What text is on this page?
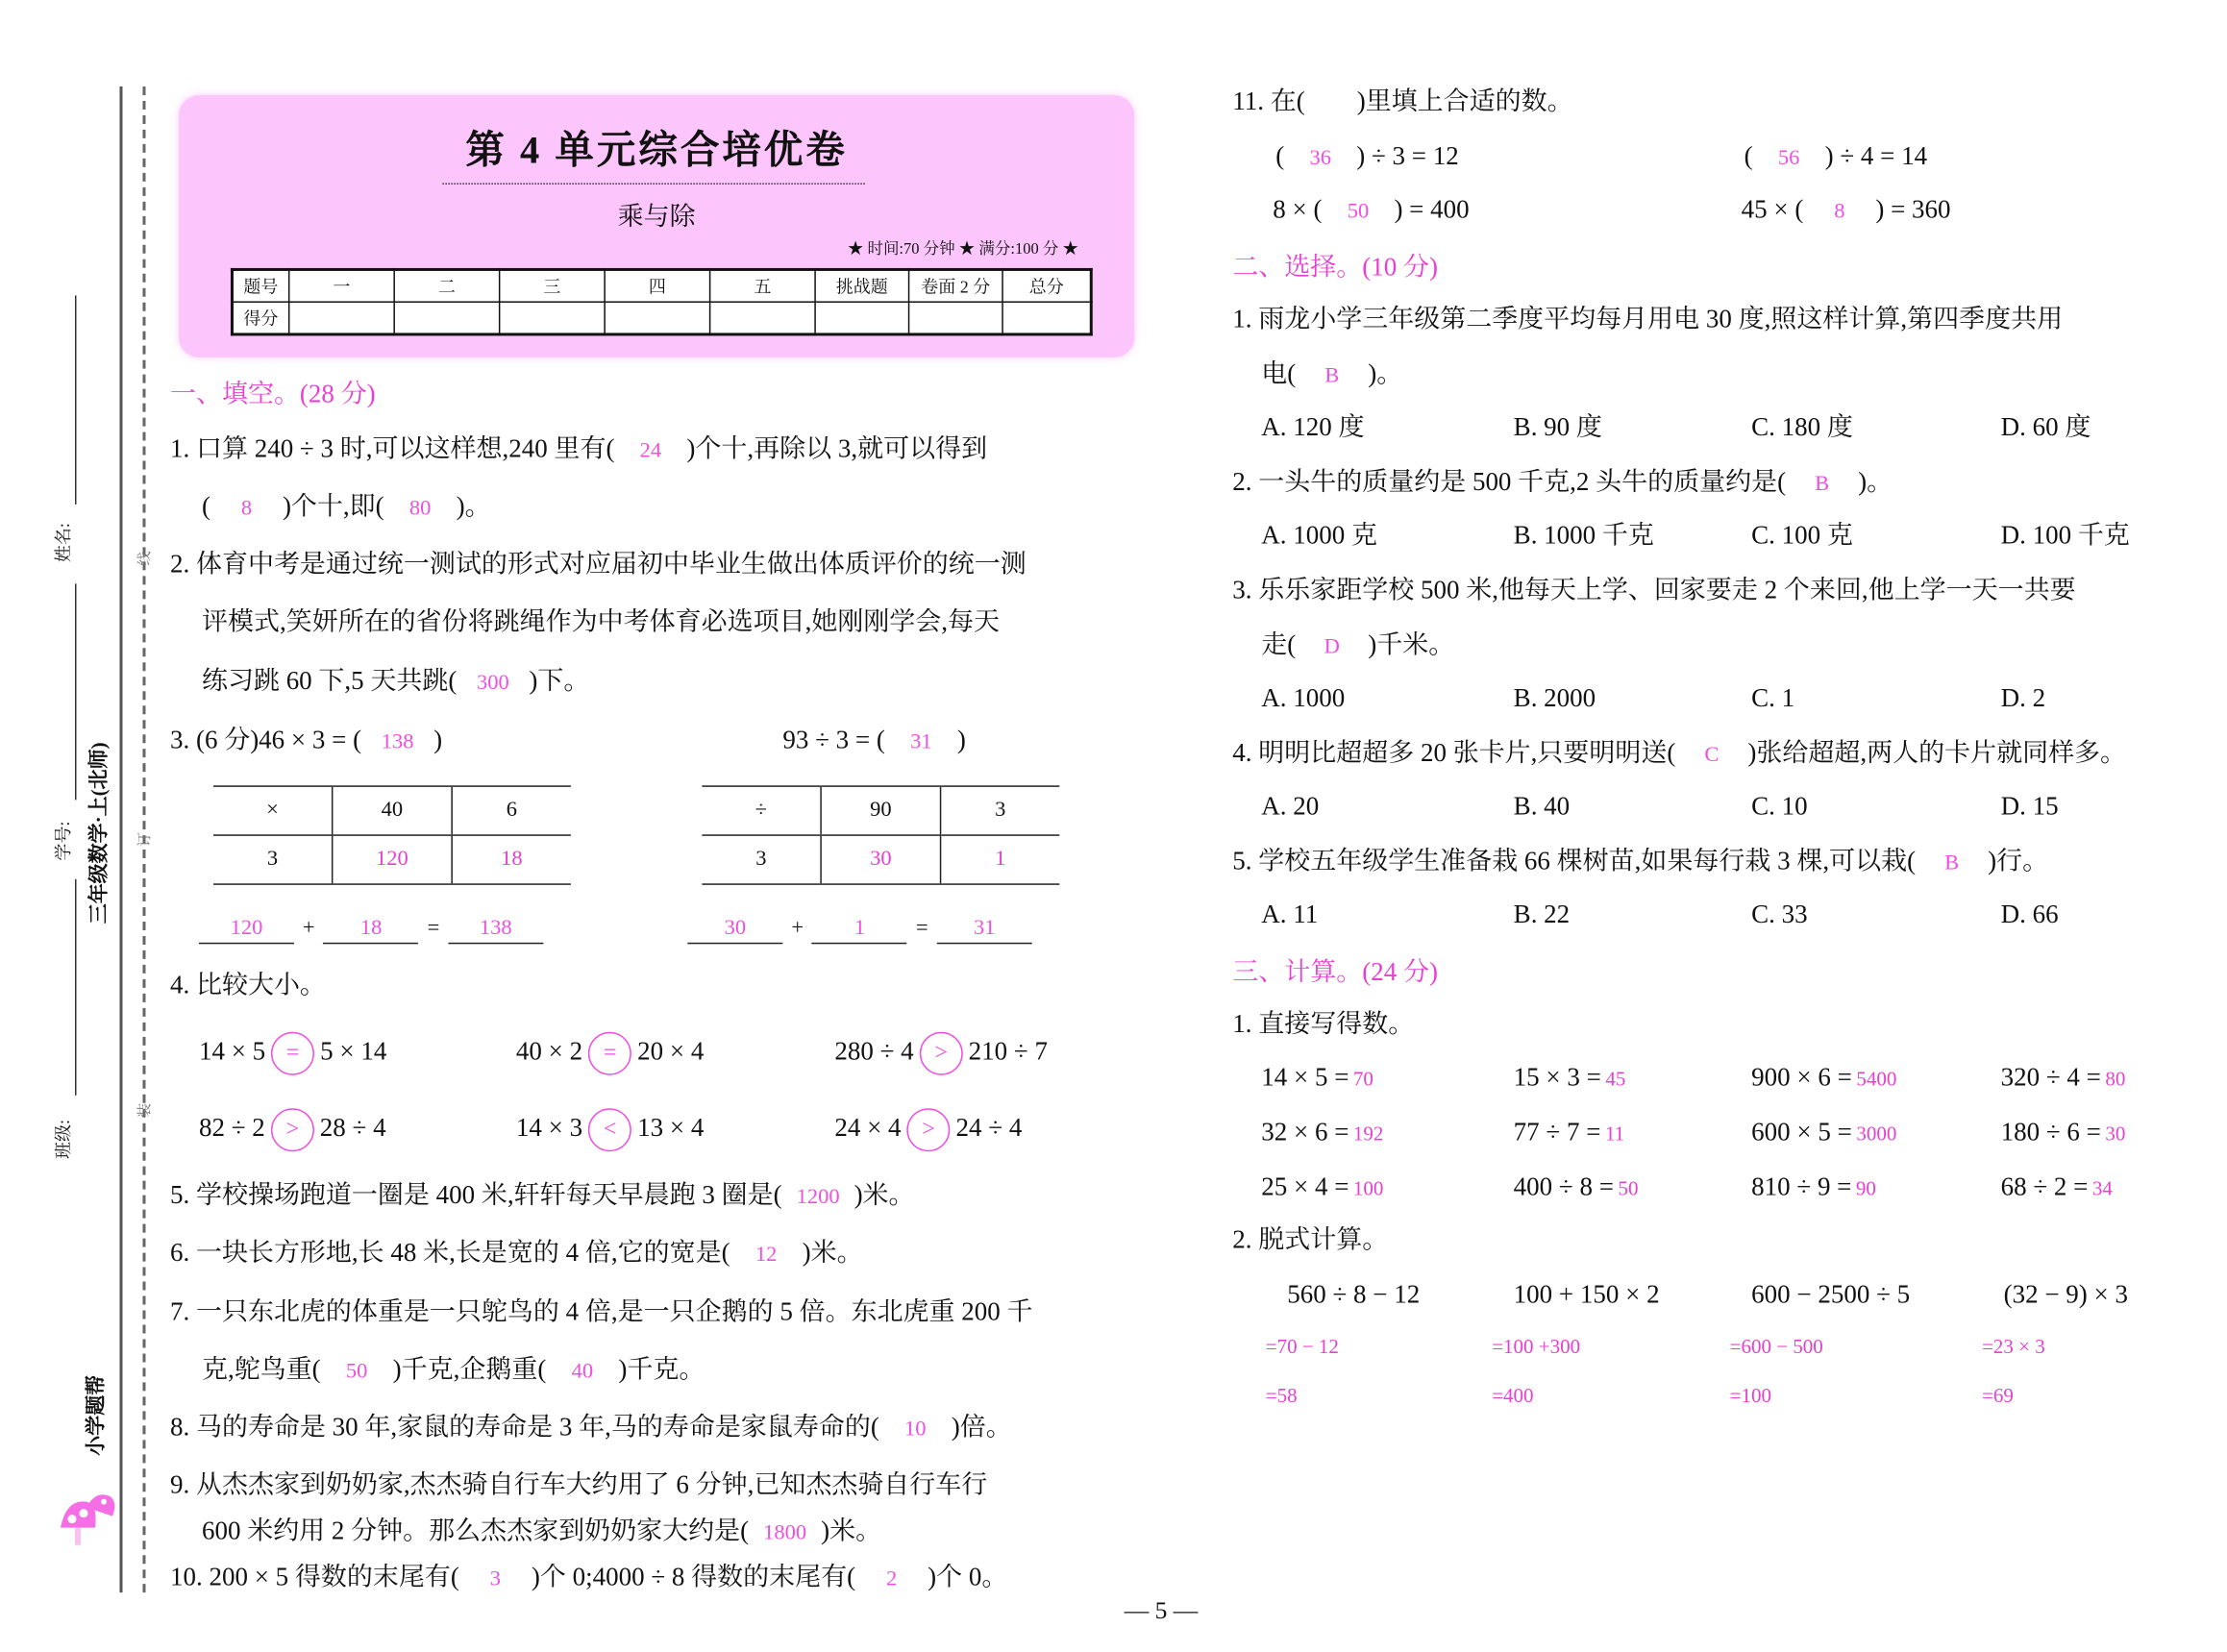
姓名:
学号:
班级:
三年级数学·上(北师)
线
订
装
小学题帮
第 4 单元综合培优卷
乘与除
★ 时间:70 分钟 ★ 满分:100 分 ★
题号	一	二	三	四	五	挑战题	卷面 2 分	总分
得分								
一、填空。(28 分)
1. 口算 240 ÷ 3 时,可以这样想,240 里有( 24 )个十,再除以 3,就可以得到
( 8 )个十,即( 80 )。
2. 体育中考是通过统一测试的形式对应届初中毕业生做出体质评价的统一测
评模式,笑妍所在的省份将跳绳作为中考体育必选项目,她刚刚学会,每天
练习跳 60 下,5 天共跳( 300 )下。
3. (6 分)46 × 3 = ( 138 )	93 ÷ 3 = ( 31 )
4. 比较大小。
5. 学校操场跑道一圈是 400 米,轩轩每天早晨跑 3 圈是( 1200 )米。
6. 一块长方形地,长 48 米,长是宽的 4 倍,它的宽是( 12 )米。
7. 一只东北虎的体重是一只鸵鸟的 4 倍,是一只企鹅的 5 倍。东北虎重 200 千
克,鸵鸟重( 50 )千克,企鹅重( 40 )千克。
8. 马的寿命是 30 年,家鼠的寿命是 3 年,马的寿命是家鼠寿命的( 10 )倍。
9. 从杰杰家到奶奶家,杰杰骑自行车大约用了 6 分钟,已知杰杰骑自行车行
600 米约用 2 分钟。那么杰杰家到奶奶家大约是( 1800 )米。
10. 200 × 5 得数的末尾有( 3 )个 0;4000 ÷ 8 得数的末尾有( 2 )个 0。
×	40	6
3	120	18
120	+	18	=	138
÷	90	3
3	30	1
30	+	1	=	31
14 × 5 = 5 × 14	40 × 2 = 20 × 4	280 ÷ 4 > 210 ÷ 7
82 ÷ 2 > 28 ÷ 4	14 × 3 < 13 × 4	24 × 4 > 24 ÷ 4
11. 在(　　)里填上合适的数。
( 36 ) ÷ 3 = 12	( 56 ) ÷ 4 = 14
8 × ( 50 ) = 400	45 × ( 8 ) = 360
二、选择。(10 分)
1. 雨龙小学三年级第二季度平均每月用电 30 度,照这样计算,第四季度共用
电( B )。
2. 一头牛的质量约是 500 千克,2 头牛的质量约是( B )。
3. 乐乐家距学校 500 米,他每天上学、回家要走 2 个来回,他上学一天一共要
走( D )千米。
4. 明明比超超多 20 张卡片,只要明明送( C )张给超超,两人的卡片就同样多。
5. 学校五年级学生准备栽 66 棵树苗,如果每行栽 3 棵,可以栽( B )行。
A. 120 度	B. 90 度	C. 180 度	D. 60 度
A. 1000 克	B. 1000 千克	C. 100 克	D. 100 千克
A. 1000	B. 2000	C. 1	D. 2
A. 20	B. 40	C. 10	D. 15
A. 11	B. 22	C. 33	D. 66
三、计算。(24 分)
1. 直接写得数。
14 × 5 = 70	15 × 3 = 45	900 × 6 = 5400	320 ÷ 4 = 80
32 × 6 = 192	77 ÷ 7 = 11	600 × 5 = 3000	180 ÷ 6 = 30
25 × 4 = 100	400 ÷ 8 = 50	810 ÷ 9 = 90	68 ÷ 2 = 34
2. 脱式计算。
560 ÷ 8 − 12
=70 − 12
=58
100 + 150 × 2
=100 +300
=400
600 − 2500 ÷ 5
=600 − 500
=100
(32 − 9) × 3
=23 × 3
=69
— 5 —
